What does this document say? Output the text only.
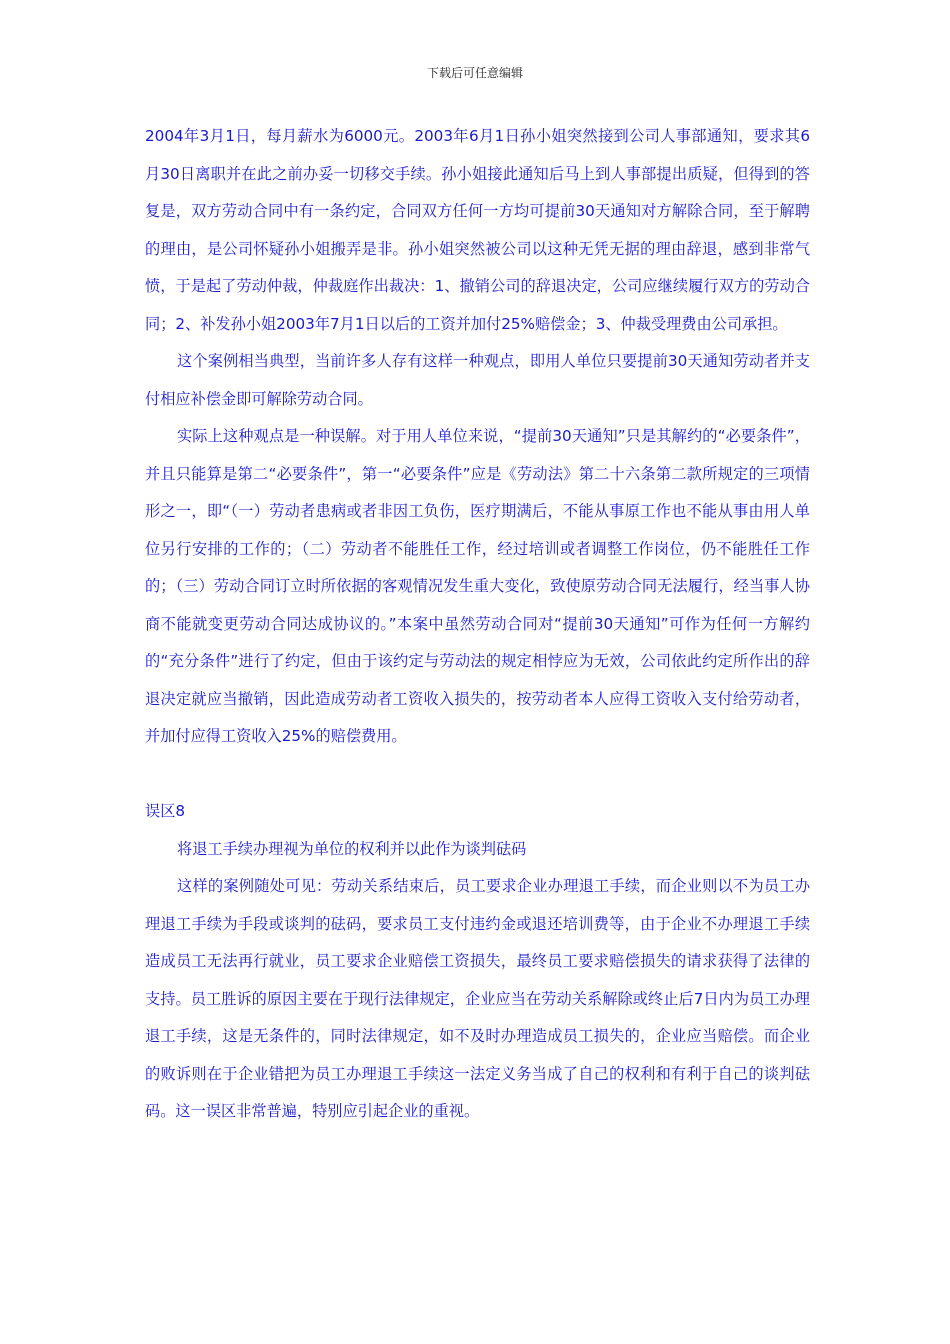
下载后可任意编辑

2004年3月1日，每月薪水为6000元。2003年6月1日孙小姐突然接到公司人事部通知，要求其6月30日离职并在此之前办妥一切移交手续。孙小姐接此通知后马上到人事部提出质疑，但得到的答复是，双方劳动合同中有一条约定，合同双方任何一方均可提前30天通知对方解除合同，至于解聘的理由，是公司怀疑孙小姐搬弄是非。孙小姐突然被公司以这种无凭无据的理由辞退，感到非常气愤，于是起了劳动仲裁，仲裁庭作出裁决：1、撤销公司的辞退决定，公司应继续履行双方的劳动合同；2、补发孙小姐2003年7月1日以后的工资并加付25%赔偿金；3、仲裁受理费由公司承担。

这个案例相当典型，当前许多人存有这样一种观点，即用人单位只要提前30天通知劳动者并支付相应补偿金即可解除劳动合同。

实际上这种观点是一种误解。对于用人单位来说，“提前30天通知”只是其解约的“必要条件”，并且只能算是第二“必要条件”，第一“必要条件”应是《劳动法》第二十六条第二款所规定的三项情形之一，即“（一）劳动者患病或者非因工负伤，医疗期满后，不能从事原工作也不能从事由用人单位另行安排的工作的；（二）劳动者不能胜任工作，经过培训或者调整工作岗位，仍不能胜任工作的；（三）劳动合同订立时所依据的客观情况发生重大变化，致使原劳动合同无法履行，经当事人协商不能就变更劳动合同达成协议的。”本案中虽然劳动合同对“提前30天通知”可作为任何一方解约的“充分条件”进行了约定，但由于该约定与劳动法的规定相悖应为无效，公司依此约定所作出的辞退决定就应当撤销，因此造成劳动者工资收入损失的，按劳动者本人应得工资收入支付给劳动者，并加付应得工资收入25%的赔偿费用。

误区8

将退工手续办理视为单位的权利并以此作为谈判砝码

这样的案例随处可见：劳动关系结束后，员工要求企业办理退工手续，而企业则以不为员工办理退工手续为手段或谈判的砝码，要求员工支付违约金或退还培训费等，由于企业不办理退工手续造成员工无法再行就业，员工要求企业赔偿工资损失，最终员工要求赔偿损失的请求获得了法律的支持。员工胜诉的原因主要在于现行法律规定，企业应当在劳动关系解除或终止后7日内为员工办理退工手续，这是无条件的，同时法律规定，如不及时办理造成员工损失的，企业应当赔偿。而企业的败诉则在于企业错把为员工办理退工手续这一法定义务当成了自己的权利和有利于自己的谈判砝码。这一误区非常普遍，特别应引起企业的重视。
